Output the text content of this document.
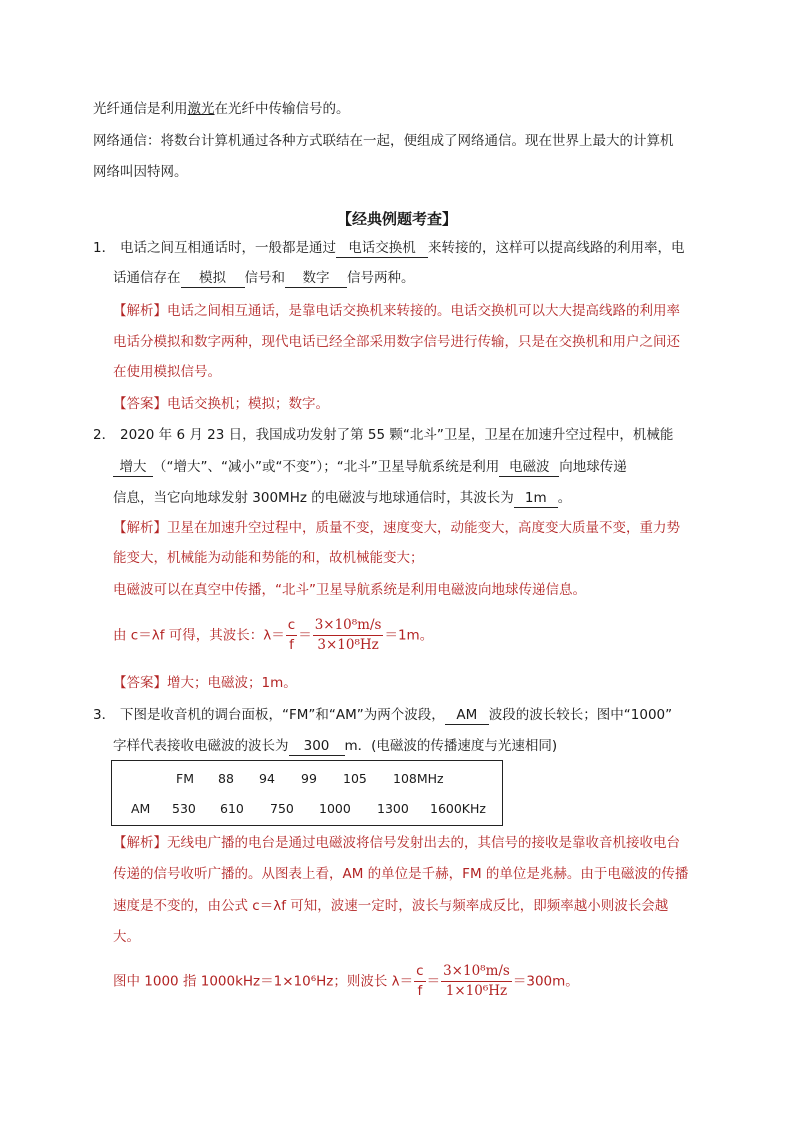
光纤通信是利用激光在光纤中传输信号的。
网络通信：将数台计算机通过各种方式联结在一起，便组成了网络通信。现在世界上最大的计算机
网络叫因特网。
【经典例题考查】
1． 电话之间互相通话时，一般都是通过 电话交换机 来转接的，这样可以提高线路的利用率，电
话通信存在 模拟 信号和 数字 信号两种。
【解析】电话之间相互通话，是靠电话交换机来转接的。电话交换机可以大大提高线路的利用率
电话分模拟和数字两种，现代电话已经全部采用数字信号进行传输，只是在交换机和用户之间还
在使用模拟信号。
【答案】电话交换机；模拟；数字。
2． 2020 年 6 月 23 日，我国成功发射了第 55 颗“北斗”卫星，卫星在加速升空过程中，机械能
增大 （“增大”、“减小”或“不变”）；“北斗”卫星导航系统是利用 电磁波 向地球传递
信息，当它向地球发射 300MHz 的电磁波与地球通信时，其波长为 1m 。
【解析】卫星在加速升空过程中，质量不变，速度变大，动能变大，高度变大质量不变，重力势
能变大，机械能为动能和势能的和，故机械能变大；
电磁波可以在真空中传播，“北斗”卫星导航系统是利用电磁波向地球传递信息。
由 c＝λf 可得，其波长：$\lambda= \frac{c}{f} = \frac{\text{3×10⁸m/s}}{\text{3×10⁸Hz}} =1m$。
【答案】增大；电磁波；1m。
3． 下图是收音机的调台面板，“FM”和“AM”为两个波段， AM 波段的波长较长；图中“1000”
字样代表接收电磁波的波长为 300 m．(电磁波的传播速度与光速相同)
FM 88 94 99 105 108MHz
AM 530 610 750 1000 1300 1600KHz
【解析】无线电广播的电台是通过电磁波将信号发射出去的，其信号的接收是靠收音机接收电台
传递的信号收听广播的。从图表上看，AM 的单位是千赫，FM 的单位是兆赫。由于电磁波的传播
速度是不变的，由公式 c＝λf 可知，波速一定时，波长与频率成反比，即频率越小则波长会越
大。
图中 1000 指 1000kHz＝1×10⁶Hz；则波长 $\lambda= \frac{c}{f} = \frac{\text{3×10⁸m/s}}{\text{1×10⁶Hz}} =300m$。
